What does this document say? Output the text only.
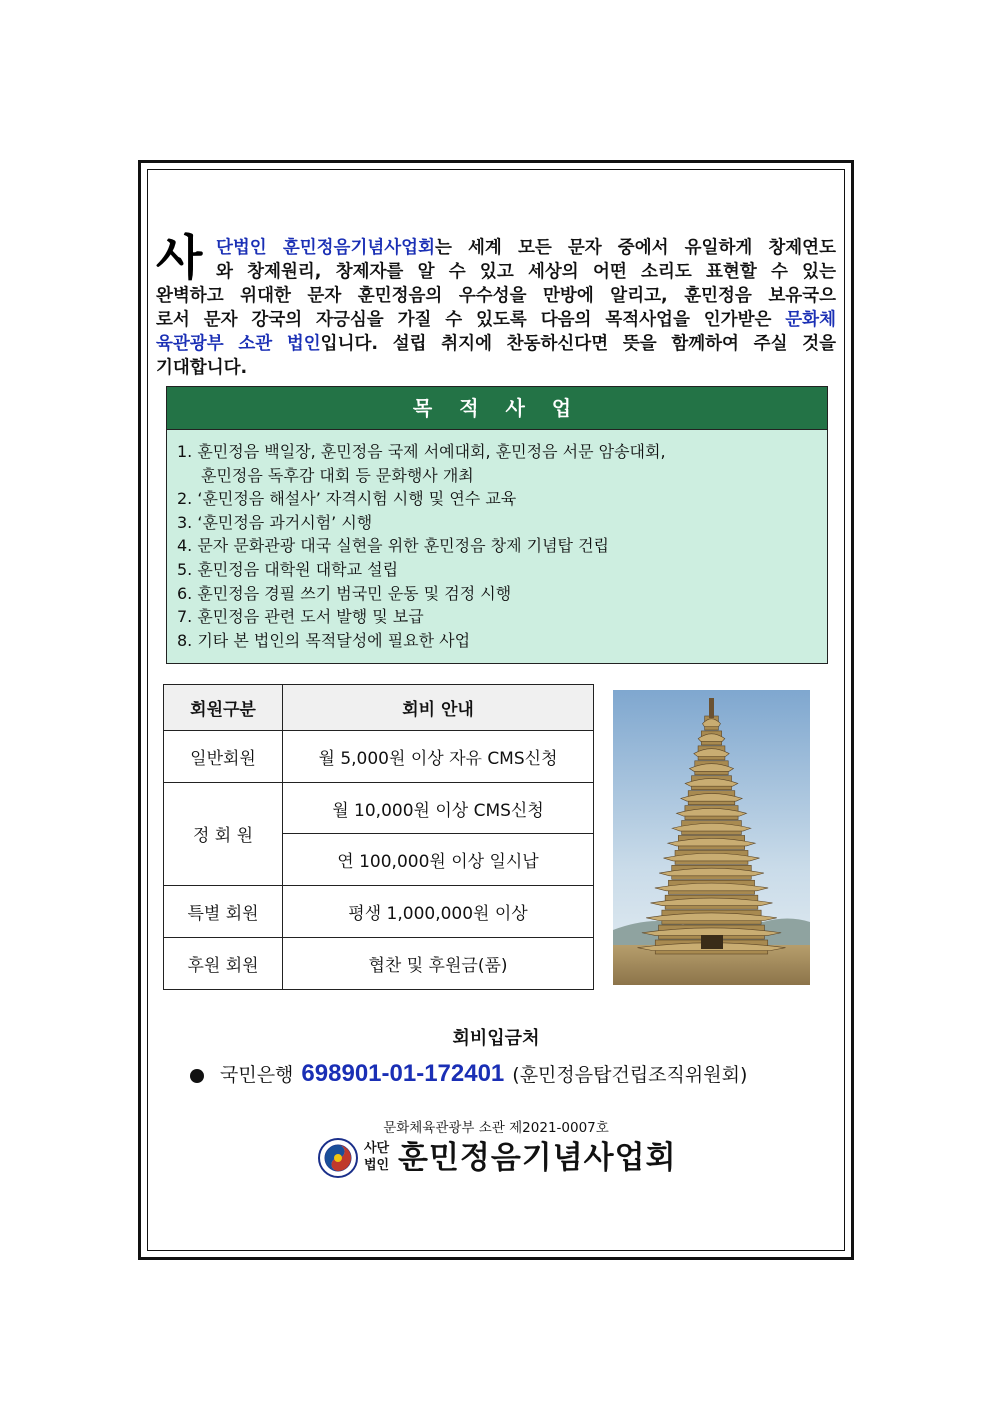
사 단법인 훈민정음기념사업회는 세계 모든 문자 중에서 유일하게 창제연도
와 창제원리, 창제자를 알 수 있고 세상의 어떤 소리도 표현할 수 있는
완벽하고 위대한 문자 훈민정음의 우수성을 만방에 알리고, 훈민정음 보유국으
로서 문자 강국의 자긍심을 가질 수 있도록 다음의 목적사업을 인가받은 문화체
육관광부 소관 법인입니다. 설립 취지에 찬동하신다면 뜻을 함께하여 주실 것을
기대합니다.
목 적 사 업
1. 훈민정음 백일장, 훈민정음 국제 서예대회, 훈민정음 서문 암송대회,
훈민정음 독후감 대회 등 문화행사 개최
2. ‘훈민정음 해설사’ 자격시험 시행 및 연수 교육
3. ‘훈민정음 과거시험’ 시행
4. 문자 문화관광 대국 실현을 위한 훈민정음 창제 기념탑 건립
5. 훈민정음 대학원 대학교 설립
6. 훈민정음 경필 쓰기 범국민 운동 및 검정 시행
7. 훈민정음 관련 도서 발행 및 보급
8. 기타 본 법인의 목적달성에 필요한 사업
회원구분	회비 안내
일반회원	월 5,000원 이상 자유 CMS신청
정 회 원	월 10,000원 이상 CMS신청
	연 100,000원 이상 일시납
특별 회원	평생 1,000,000원 이상
후원 회원	협찬 및 후원금(품)
회비입금처
국민은행 698901-01-172401 (훈민정음탑건립조직위원회)
문화체육관광부 소관 제2021-0007호
사단법인 훈민정음기념사업회
